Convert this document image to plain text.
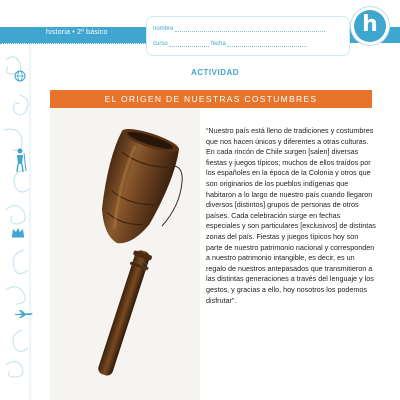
historia • 2º básico	nombre
curso	fecha
h
ACTIVIDAD
EL ORIGEN DE NUESTRAS COSTUMBRES
“Nuestro país está lleno de tradiciones y costumbres que nos hacen únicos y diferentes a otras culturas. En cada rincón de Chile surgen [salen] diversas fiestas y juegos típicos; muchos de ellos traídos por los españoles en la época de la Colonia y otros que son originarios de los pueblos indígenas que habitaron a lo largo de nuestro país cuando llegaron diversos [distintos] grupos de personas de otros países. Cada celebración surge en fechas especiales y son particulares [exclusivos] de distintas zonas del país. Fiestas y juegos típicos hoy son parte de nuestro patrimonio nacional y corresponden a nuestro patrimonio intangible, es decir, es un regalo de nuestros antepasados que transmitieron a las distintas generaciones a través del lenguaje y los gestos, y gracias a ello, hoy nosotros los podemos disfrutar”.
